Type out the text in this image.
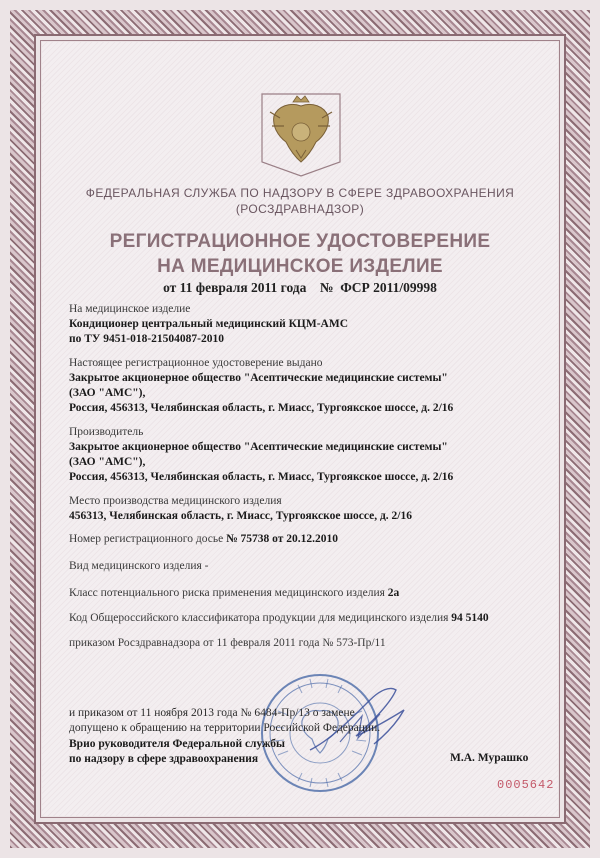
ФЕДЕРАЛЬНАЯ СЛУЖБА ПО НАДЗОРУ В СФЕРЕ ЗДРАВООХРАНЕНИЯ
(РОСЗДРАВНАДЗОР)
РЕГИСТРАЦИОННОЕ УДОСТОВЕРЕНИЕ
НА МЕДИЦИНСКОЕ ИЗДЕЛИЕ
от 11 февраля 2011 года    №  ФСР 2011/09998
На медицинское изделие
Кондиционер центральный медицинский КЦМ-АМС
по ТУ 9451-018-21504087-2010
Настоящее регистрационное удостоверение выдано
Закрытое акционерное общество "Асептические медицинские системы"
(ЗАО "АМС"),
Россия, 456313, Челябинская область, г. Миасс, Тургоякское шоссе, д. 2/16
Производитель
Закрытое акционерное общество "Асептические медицинские системы"
(ЗАО "АМС"),
Россия, 456313, Челябинская область, г. Миасс, Тургоякское шоссе, д. 2/16
Место производства медицинского изделия
456313, Челябинская область, г. Миасс, Тургоякское шоссе, д. 2/16
Номер регистрационного досье № 75738 от 20.12.2010
Вид медицинского изделия -
Класс потенциального риска применения медицинского изделия 2а
Код Общероссийского классификатора продукции для медицинского изделия 94 5140
приказом Росздравнадзора от 11 февраля 2011 года № 573-Пр/11
и приказом от 11 ноября 2013 года № 6484-Пр/13 о замене
допущено к обращению на территории Российской Федерации.
Врио руководителя Федеральной службы
по надзору в сфере здравоохранения	М.А. Мурашко
0005642
